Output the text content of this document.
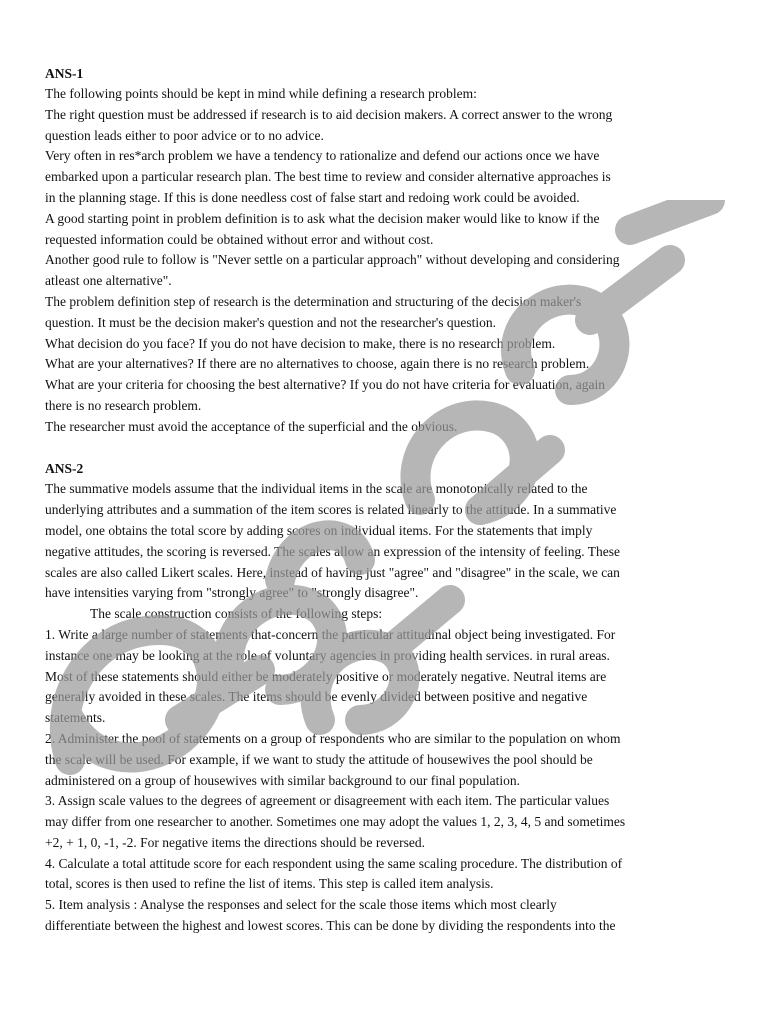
ANS-1

The following points should be kept in mind while defining a research problem:

The right question must be addressed if research is to aid decision makers. A correct answer to the wrong

question leads either to poor advice or to no advice.

Very often in res*arch problem we have a tendency to rationalize and defend our actions once we have

embarked upon a particular research plan. The best time to review and consider alternative approaches is

in the planning stage. If this is done needless cost of false start and redoing work could be avoided.

A good starting point in problem definition is to ask what the decision maker would like to know if the

requested information could be obtained without error and without cost.

Another good rule to follow is "Never settle on a particular approach" without developing and considering

atleast one alternative".

The problem definition step of research is the determination and structuring of the decision maker's

question. It must be the decision maker's question and not the researcher's question.

What decision do you face? If you do not have decision to make, there is no research problem.

What are your alternatives? If there are no alternatives to choose, again there is no research problem.

What are your criteria for choosing the best alternative? If you do not have criteria for evaluation, again

there is no research problem.

The researcher must avoid the acceptance of the superficial and the obvious.

ANS-2

The summative models assume that the individual items in the scale are monotonically related to the

underlying attributes and a summation of the item scores is related linearly to the attitude. In a summative

model, one obtains the total score by adding scores on individual items. For the statements that imply

negative attitudes, the scoring is reversed. The scales allow an expression of the intensity of feeling. These

scales are also called Likert scales. Here, instead of having just "agree" and "disagree" in the scale, we can

have intensities varying from "strongly agree" to "strongly disagree".

The scale construction consists of the following steps:

1. Write a large number of statements that-concern the particular attitudinal object being investigated. For

instance one may be looking at the role of voluntary agencies in providing health services. in rural areas.

Most of these statements should either be moderately positive or moderately negative. Neutral items are

generally avoided in these scales. The items should be evenly divided between positive and negative

statements.

2. Administer the pool of statements on a group of respondents who are similar to the population on whom

the scale will be used. For example, if we want to study the attitude of housewives the pool should be

administered on a group of housewives with similar background to our final population.

3. Assign scale values to the degrees of agreement or disagreement with each item. The particular values

may differ from one researcher to another. Sometimes one may adopt the values 1, 2, 3, 4, 5 and sometimes

+2, + 1, 0, -1, -2. For negative items the directions should be reversed.

4. Calculate a total attitude score for each respondent using the same scaling procedure. The distribution of

total, scores is then used to refine the list of items. This step is called item analysis.

5. Item analysis : Analyse the responses and select for the scale those items which most clearly

differentiate between the highest and lowest scores. This can be done by dividing the respondents into the
